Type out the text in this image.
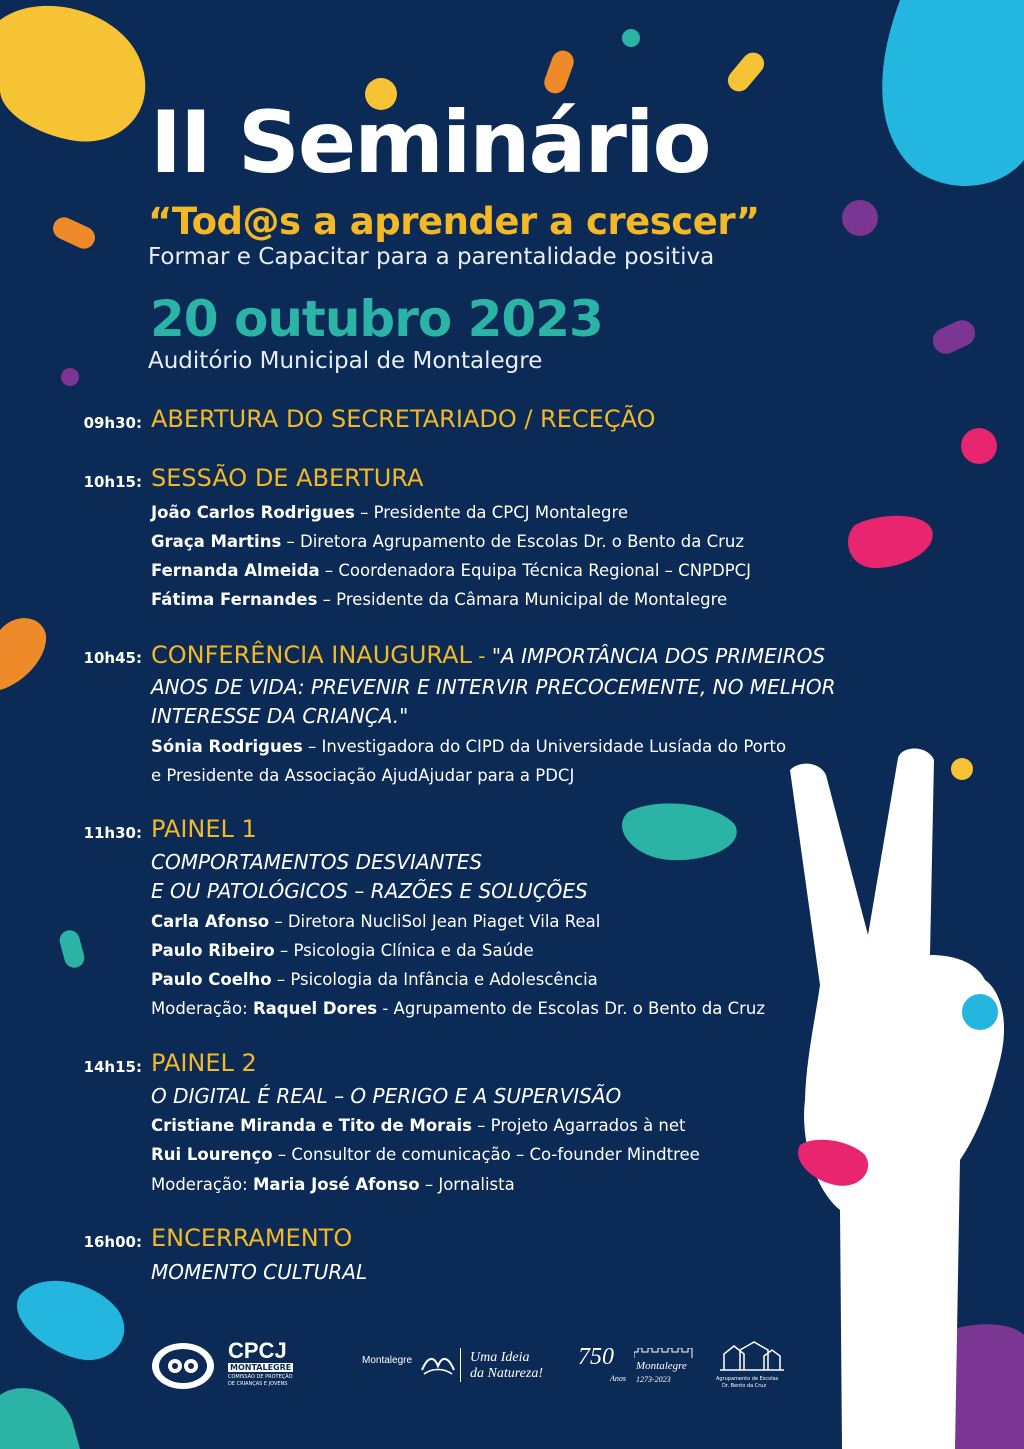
II Seminário
“Tod@s a aprender a crescer”
Formar e Capacitar para a parentalidade positiva
20 outubro 2023
Auditório Municipal de Montalegre
09h30: ABERTURA DO SECRETARIADO / RECEÇÃO
10h15: SESSÃO DE ABERTURA
João Carlos Rodrigues – Presidente da CPCJ Montalegre
Graça Martins – Diretora Agrupamento de Escolas Dr. o Bento da Cruz
Fernanda Almeida – Coordenadora Equipa Técnica Regional – CNPDPCJ
Fátima Fernandes – Presidente da Câmara Municipal de Montalegre
10h45: CONFERÊNCIA INAUGURAL - "A IMPORTÂNCIA DOS PRIMEIROS
ANOS DE VIDA: PREVENIR E INTERVIR PRECOCEMENTE, NO MELHOR
INTERESSE DA CRIANÇA."
Sónia Rodrigues – Investigadora do CIPD da Universidade Lusíada do Porto
e Presidente da Associação AjudAjudar para a PDCJ
11h30: PAINEL 1
COMPORTAMENTOS DESVIANTES
E OU PATOLÓGICOS – RAZÕES E SOLUÇÕES
Carla Afonso – Diretora NucliSol Jean Piaget Vila Real
Paulo Ribeiro – Psicologia Clínica e da Saúde
Paulo Coelho – Psicologia da Infância e Adolescência
Moderação: Raquel Dores - Agrupamento de Escolas Dr. o Bento da Cruz
14h15: PAINEL 2
O DIGITAL É REAL – O PERIGO E A SUPERVISÃO
Cristiane Miranda e Tito de Morais – Projeto Agarrados à net
Rui Lourenço – Consultor de comunicação – Co-founder Mindtree
Moderação: Maria José Afonso – Jornalista
16h00: ENCERRAMENTO
MOMENTO CULTURAL
CPCJ
MONTALEGRE
COMISSÃO DE PROTEÇÃO
DE CRIANÇAS E JOVENS
Montalegre	Uma Ideia
da Natureza!
750
Anos
Montalegre
1273-2023	Agrupamento de Escolas
Dr. Bento da Cruz
